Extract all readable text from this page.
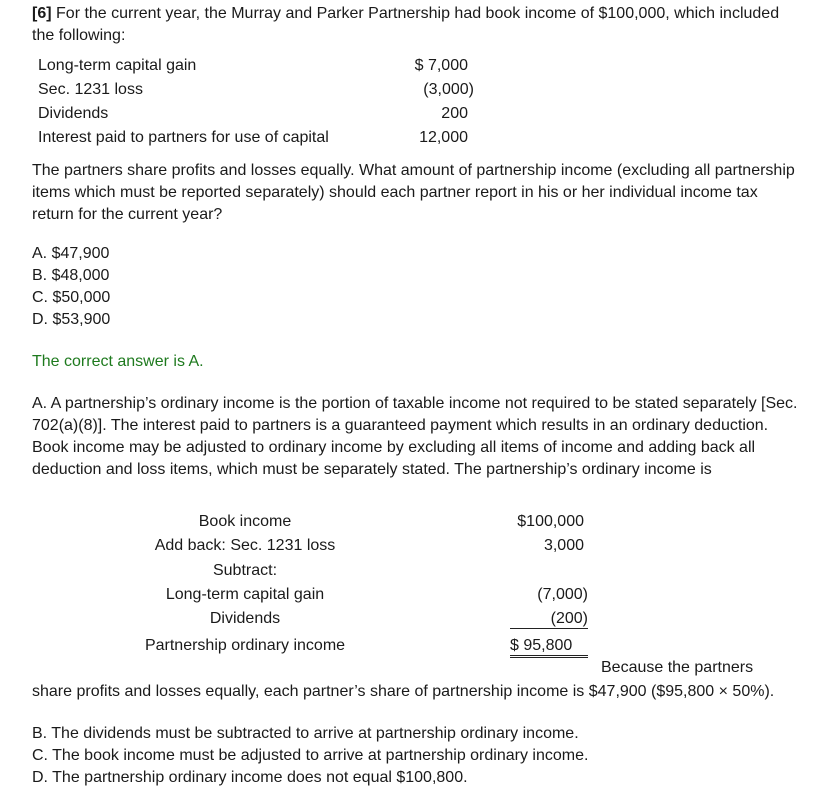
[6] For the current year, the Murray and Parker Partnership had book income of $100,000, which included the following:
Long-term capital gain	$ 7,000
Sec. 1231 loss	(3,000)
Dividends	200
Interest paid to partners for use of capital	12,000
The partners share profits and losses equally. What amount of partnership income (excluding all partnership items which must be reported separately) should each partner report in his or her individual income tax return for the current year?
A. $47,900
B. $48,000
C. $50,000
D. $53,900
The correct answer is A.
A. A partnership’s ordinary income is the portion of taxable income not required to be stated separately [Sec. 702(a)(8)]. The interest paid to partners is a guaranteed payment which results in an ordinary deduction. Book income may be adjusted to ordinary income by excluding all items of income and adding back all deduction and loss items, which must be separately stated. The partnership’s ordinary income is
Book income	$100,000
Add back: Sec. 1231 loss	3,000
Subtract:
Long-term capital gain	(7,000)
Dividends	(200)
Partnership ordinary income	$ 95,800
Because the partners
share profits and losses equally, each partner’s share of partnership income is $47,900 ($95,800 × 50%).
B. The dividends must be subtracted to arrive at partnership ordinary income.
C. The book income must be adjusted to arrive at partnership ordinary income.
D. The partnership ordinary income does not equal $100,800.
